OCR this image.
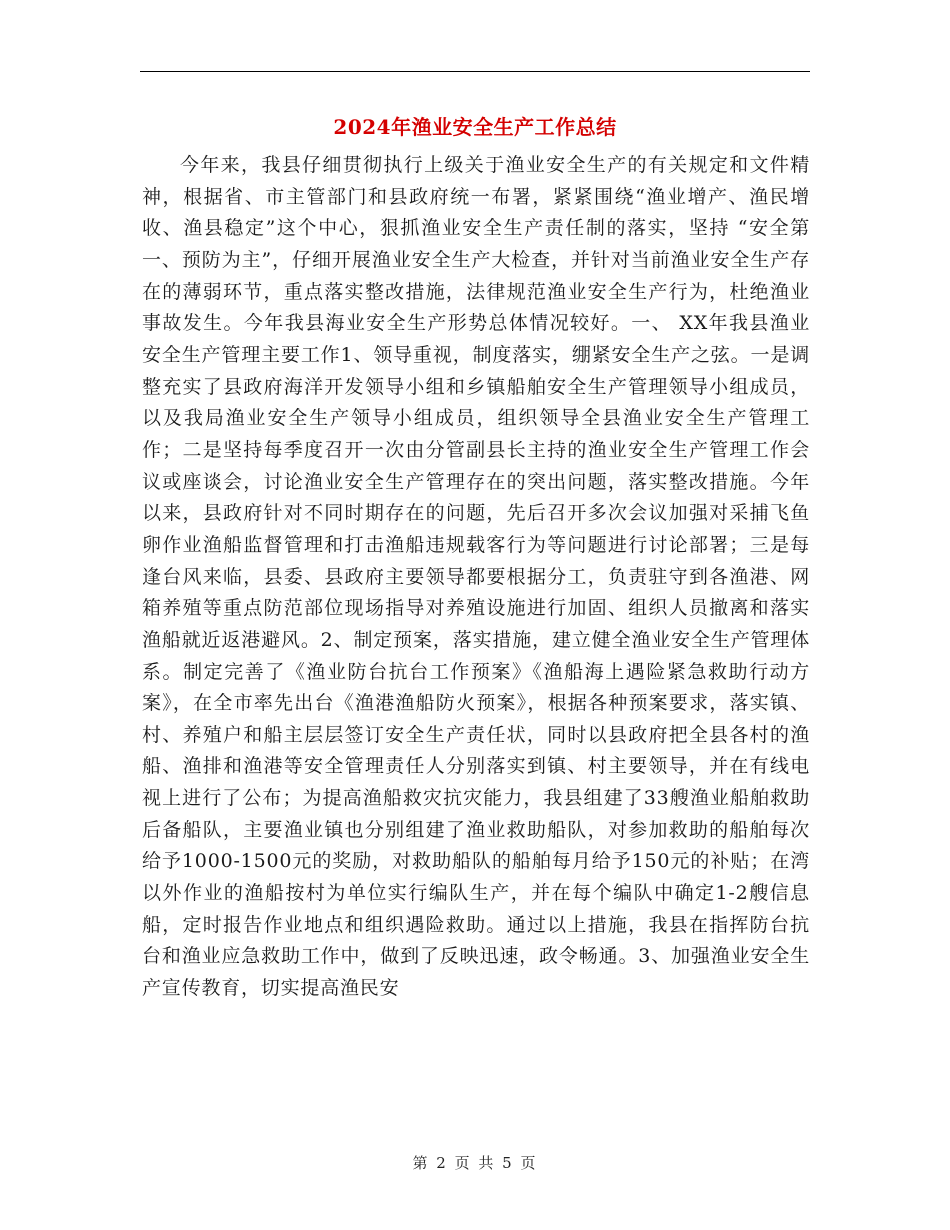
2024年渔业安全生产工作总结

今年来，我县仔细贯彻执行上级关于渔业安全生产的有关规定和文件精神，根据省、市主管部门和县政府统一布署，紧紧围绕“渔业增产、渔民增收、渔县稳定”这个中心，狠抓渔业安全生产责任制的落实，坚持 “安全第一、预防为主”，仔细开展渔业安全生产大检查，并针对当前渔业安全生产存在的薄弱环节，重点落实整改措施，法律规范渔业安全生产行为，杜绝渔业事故发生。今年我县海业安全生产形势总体情况较好。一、 XX年我县渔业安全生产管理主要工作1、领导重视，制度落实，绷紧安全生产之弦。一是调整充实了县政府海洋开发领导小组和乡镇船舶安全生产管理领导小组成员，以及我局渔业安全生产领导小组成员，组织领导全县渔业安全生产管理工作；二是坚持每季度召开一次由分管副县长主持的渔业安全生产管理工作会议或座谈会，讨论渔业安全生产管理存在的突出问题，落实整改措施。今年以来，县政府针对不同时期存在的问题，先后召开多次会议加强对采捕飞鱼卵作业渔船监督管理和打击渔船违规载客行为等问题进行讨论部署；三是每逢台风来临，县委、县政府主要领导都要根据分工，负责驻守到各渔港、网箱养殖等重点防范部位现场指导对养殖设施进行加固、组织人员撤离和落实渔船就近返港避风。2、制定预案，落实措施，建立健全渔业安全生产管理体系。制定完善了《渔业防台抗台工作预案》《渔船海上遇险紧急救助行动方案》，在全市率先出台《渔港渔船防火预案》，根据各种预案要求，落实镇、村、养殖户和船主层层签订安全生产责任状，同时以县政府把全县各村的渔船、渔排和渔港等安全管理责任人分别落实到镇、村主要领导，并在有线电视上进行了公布；为提高渔船救灾抗灾能力，我县组建了33艘渔业船舶救助后备船队，主要渔业镇也分别组建了渔业救助船队，对参加救助的船舶每次给予1000-1500元的奖励，对救助船队的船舶每月给予150元的补贴；在湾以外作业的渔船按村为单位实行编队生产，并在每个编队中确定1-2艘信息船，定时报告作业地点和组织遇险救助。通过以上措施，我县在指挥防台抗台和渔业应急救助工作中，做到了反映迅速，政令畅通。3、加强渔业安全生产宣传教育，切实提高渔民安

第 2 页 共 5 页
